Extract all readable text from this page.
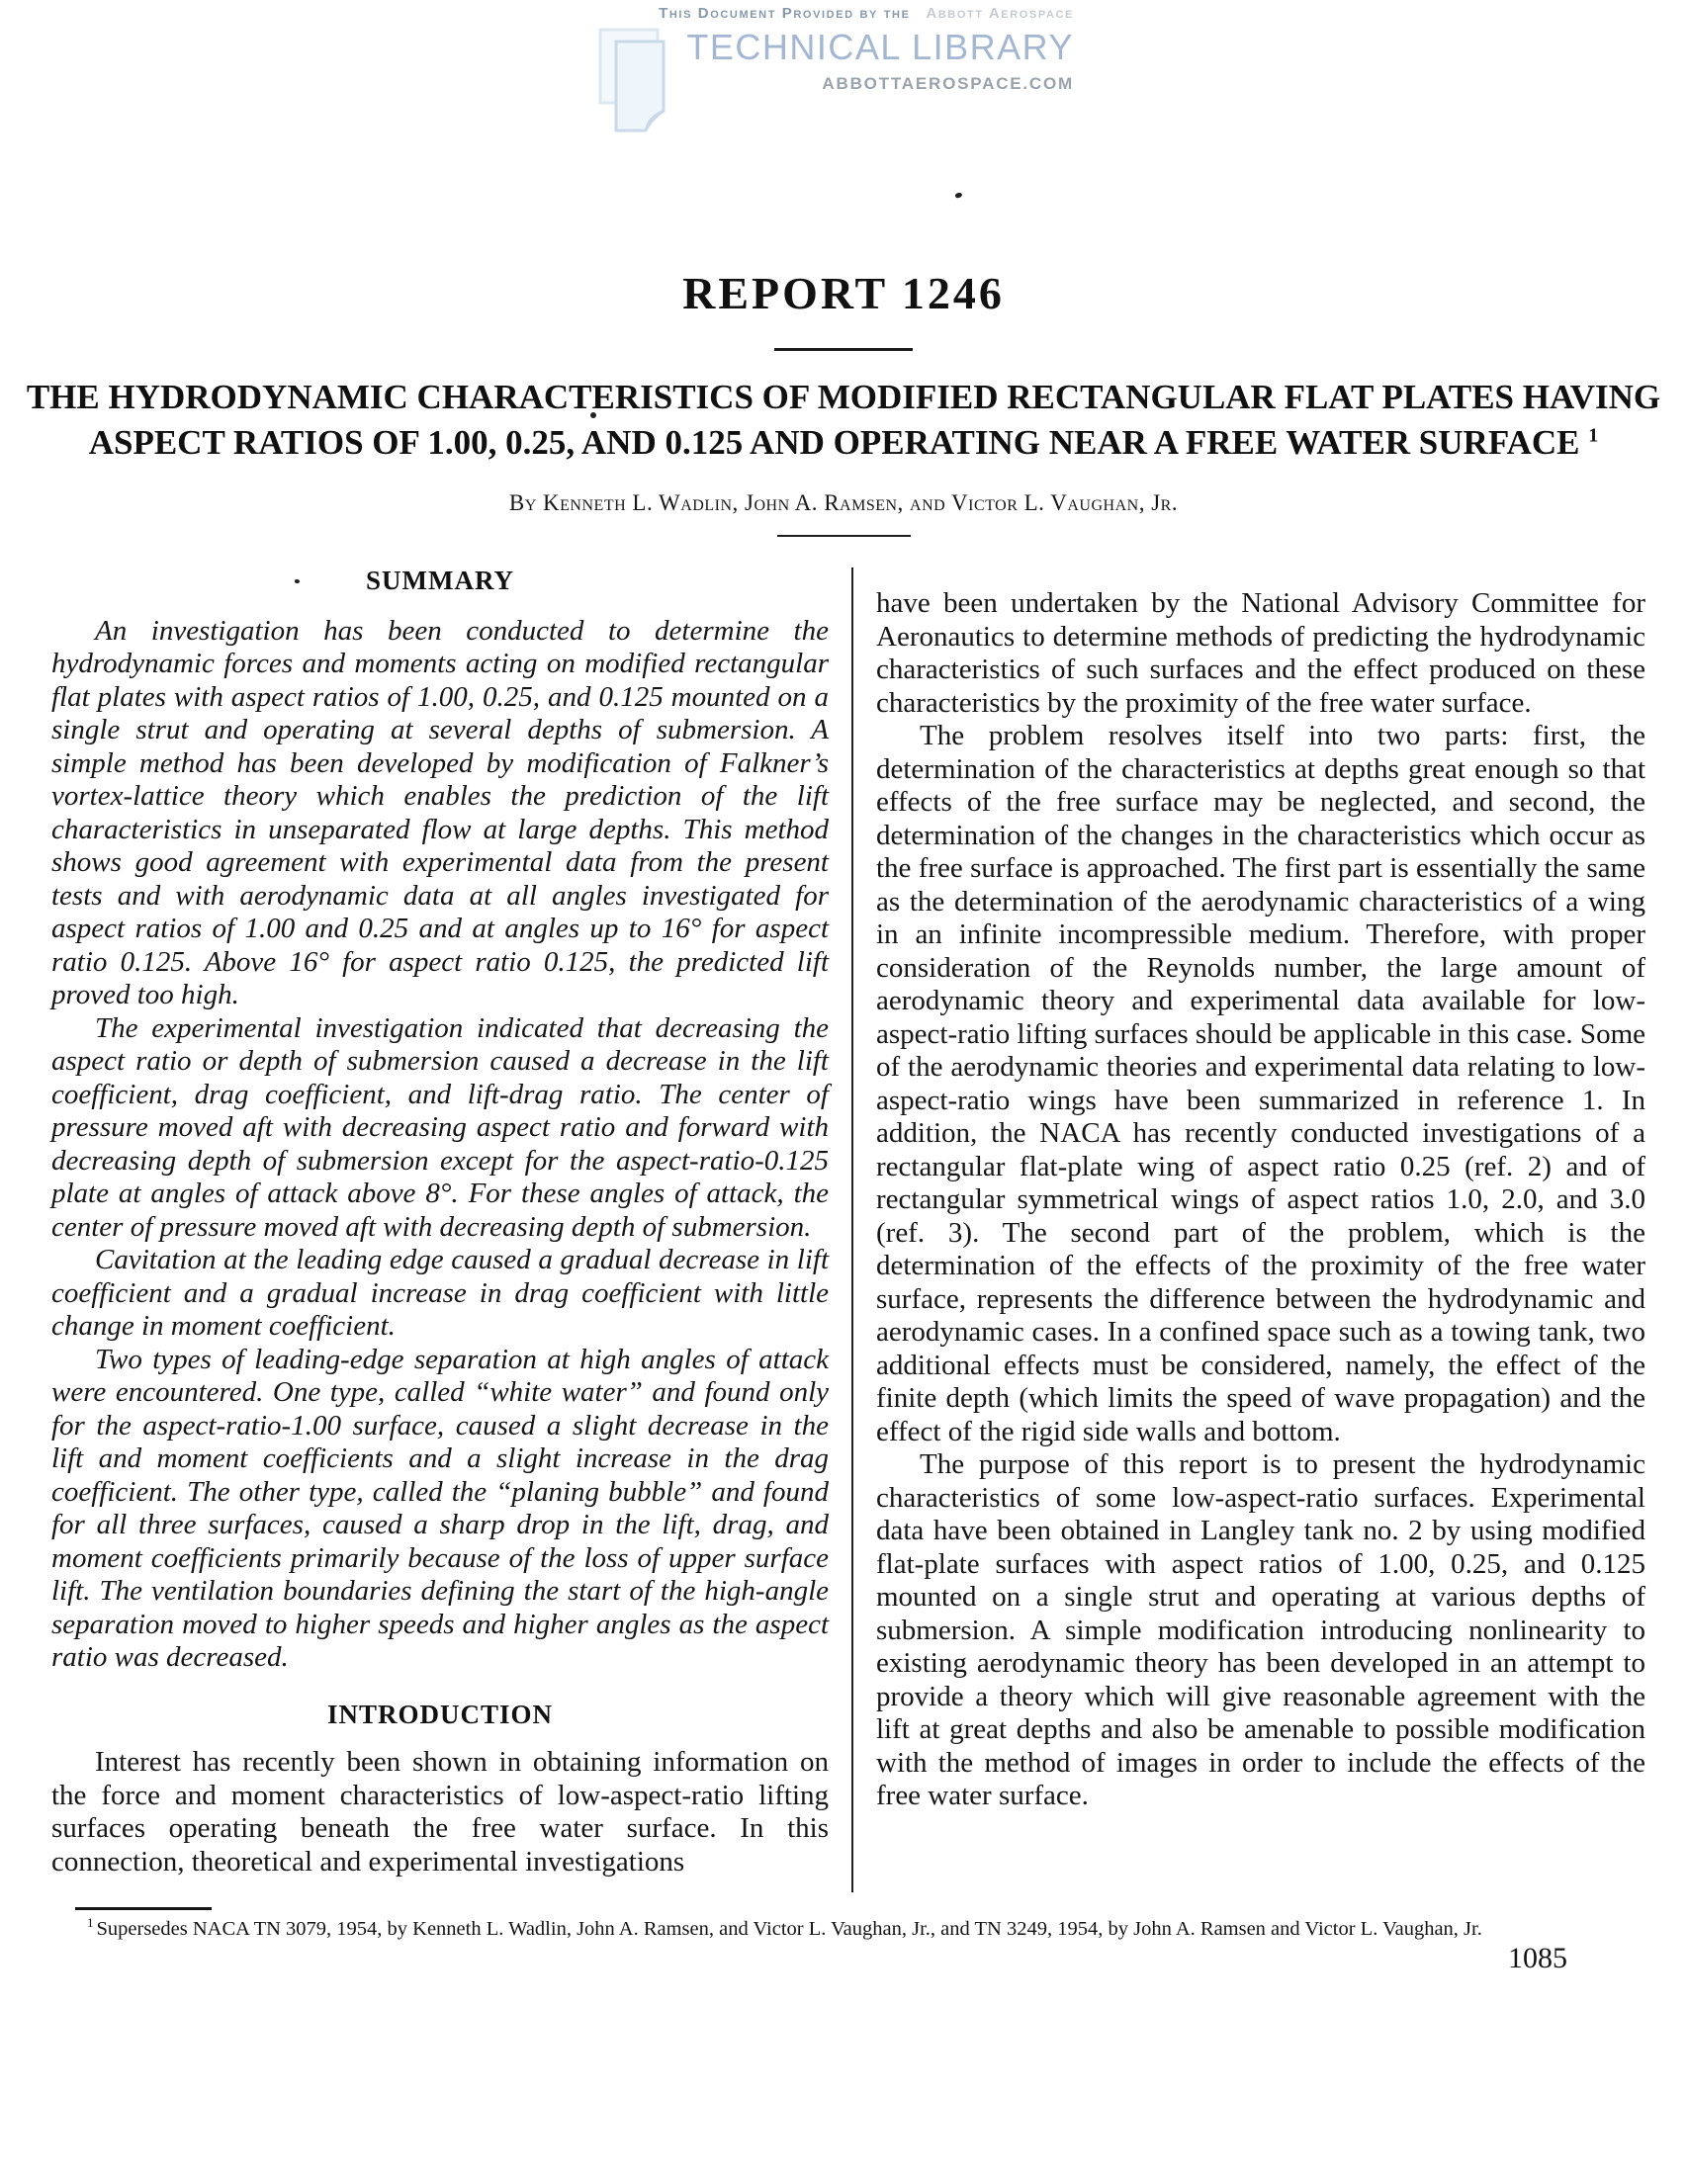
This Document Provided by the Abbott Aerospace
TECHNICAL LIBRARY
ABBOTTAEROSPACE.COM
REPORT 1246
THE HYDRODYNAMIC CHARACTERISTICS OF MODIFIED RECTANGULAR FLAT PLATES HAVING
ASPECT RATIOS OF 1.00, 0.25, AND 0.125 AND OPERATING NEAR A FREE WATER SURFACE $^1$
By Kenneth L. Wadlin, John A. Ramsen, and Victor L. Vaughan, Jr.
SUMMARY

An investigation has been conducted to determine the hydrodynamic forces and moments acting on modified rectangular flat plates with aspect ratios of 1.00, 0.25, and 0.125 mounted on a single strut and operating at several depths of submersion. A simple method has been developed by modification of Falkner’s vortex-lattice theory which enables the prediction of the lift characteristics in unseparated flow at large depths. This method shows good agreement with experimental data from the present tests and with aerodynamic data at all angles investigated for aspect ratios of 1.00 and 0.25 and at angles up to 16° for aspect ratio 0.125. Above 16° for aspect ratio 0.125, the predicted lift proved too high.

The experimental investigation indicated that decreasing the aspect ratio or depth of submersion caused a decrease in the lift coefficient, drag coefficient, and lift-drag ratio. The center of pressure moved aft with decreasing aspect ratio and forward with decreasing depth of submersion except for the aspect-ratio-0.125 plate at angles of attack above 8°. For these angles of attack, the center of pressure moved aft with decreasing depth of submersion.

Cavitation at the leading edge caused a gradual decrease in lift coefficient and a gradual increase in drag coefficient with little change in moment coefficient.

Two types of leading-edge separation at high angles of attack were encountered. One type, called “white water” and found only for the aspect-ratio-1.00 surface, caused a slight decrease in the lift and moment coefficients and a slight increase in the drag coefficient. The other type, called the “planing bubble” and found for all three surfaces, caused a sharp drop in the lift, drag, and moment coefficients primarily because of the loss of upper surface lift. The ventilation boundaries defining the start of the high-angle separation moved to higher speeds and higher angles as the aspect ratio was decreased.

INTRODUCTION

Interest has recently been shown in obtaining information on the force and moment characteristics of low-aspect-ratio lifting surfaces operating beneath the free water surface. In this connection, theoretical and experimental investigations

have been undertaken by the National Advisory Committee for Aeronautics to determine methods of predicting the hydrodynamic characteristics of such surfaces and the effect produced on these characteristics by the proximity of the free water surface.

The problem resolves itself into two parts: first, the determination of the characteristics at depths great enough so that effects of the free surface may be neglected, and second, the determination of the changes in the characteristics which occur as the free surface is approached. The first part is essentially the same as the determination of the aerodynamic characteristics of a wing in an infinite incompressible medium. Therefore, with proper consideration of the Reynolds number, the large amount of aerodynamic theory and experimental data available for low-aspect-ratio lifting surfaces should be applicable in this case. Some of the aerodynamic theories and experimental data relating to low-aspect-ratio wings have been summarized in reference 1. In addition, the NACA has recently conducted investigations of a rectangular flat-plate wing of aspect ratio 0.25 (ref. 2) and of rectangular symmetrical wings of aspect ratios 1.0, 2.0, and 3.0 (ref. 3). The second part of the problem, which is the determination of the effects of the proximity of the free water surface, represents the difference between the hydrodynamic and aerodynamic cases. In a confined space such as a towing tank, two additional effects must be considered, namely, the effect of the finite depth (which limits the speed of wave propagation) and the effect of the rigid side walls and bottom.

The purpose of this report is to present the hydrodynamic characteristics of some low-aspect-ratio surfaces. Experimental data have been obtained in Langley tank no. 2 by using modified flat-plate surfaces with aspect ratios of 1.00, 0.25, and 0.125 mounted on a single strut and operating at various depths of submersion. A simple modification introducing nonlinearity to existing aerodynamic theory has been developed in an attempt to provide a theory which will give reasonable agreement with the lift at great depths and also be amenable to possible modification with the method of images in order to include the effects of the free water surface.

$^1$ Supersedes NACA TN 3079, 1954, by Kenneth L. Wadlin, John A. Ramsen, and Victor L. Vaughan, Jr., and TN 3249, 1954, by John A. Ramsen and Victor L. Vaughan, Jr.
1085
